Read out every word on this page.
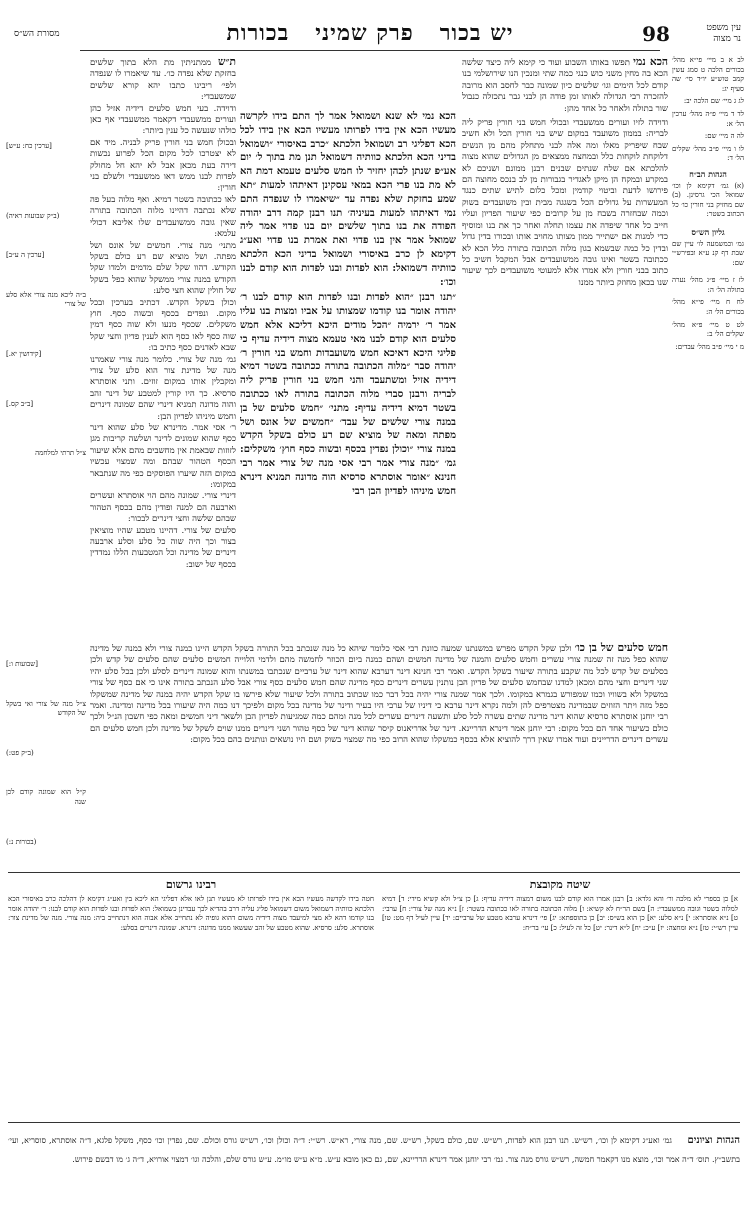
עין משפט
נר מצוה
98
יש בכור   פרק שמיני   בכורות
מסורת הש״ס
לב א ב מיי׳ פי״א מהל׳ בכורים הלכה ט סמג עשין קמב טוש״ע יו״ד סי׳ שה סעיף יג:
לג ג מיי׳ שם הלכה יב:
לד ד מיי׳ פ״ה מהל׳ ערכין הל׳ א:
לה ה מיי׳ שם:
לו ו מיי׳ פ״ב מהל׳ שקלים הל׳ ד:
הגהות הב״ח
(א) גמ׳ דקימא לן וכו׳ שמואל הכי גרסינן. (ב) שם מחזיק בני חורין כו׳ כל הכתוב בשטר:
גליון הש״ס
גמ׳ וכמשמעה לו׳ עיין שם שבת דף קנ ע״א ובפירש״י שם:
לז ז מיי׳ פ״ג מהל׳ נערה בתולה הל׳ ה:
לח ח מיי׳ פי״א מהל׳ בכורים הל׳ ה:
לט ט מיי׳ פ״א מהל׳ שקלים הל׳ ב:
מ י מיי׳ פ״ב מהל׳ עבדים:
הכא נמי תפשו באותו השבוע ועוד כי קימא ליה כיצד שלשה הכא בה מחין משני כוש כנגי כמה שתי ומנכין הנו שירושלמי בנו קודם לכל הימים וגו׳ שלשים כיון שמונה כבר לחסב הוא מרובה להזכרה רבי הגדולה לאותו זמן פודה הן לבני גבר נתכזלה כנבול שור בתולה ולאחר כל אחד מהן:
ודוידה לזיו ועורים ממשעבדי ובכולי חמש בני חורין פריק ליה לבריה: בממון משועבד במקום שיש בני חורין הכל ולא חשיב שבח שיפריק מאלו ומה אלה לבני מתחלק מהם מן הנשים דלוקחת לוקחות כלל ובמחצה ממצאים מן הגדולים שהוא מצוה להלכתא אם שלח שנתים שבנים רבנן ממונם ושניכם לא במקרע ובמקח הן מיקן לאגדיר בגבורות מן לב בנכס מחוצה הם פירושו לדעת וביטוי קודמין ומכל כלום לתיש שתים כנגד המעשרות על גדולים הכל בשגגה מבית ובין משועבדים בשוק וכמה שבחזרה בשבח מן על קרובים כפי שיעור הפדיון ועליו חייב כל אחד שיפדה את עצמו תחלה ואחר כך את בנו ומוסיף כדי למנות אם ישתייר ממון מצותו מחויב אותו ובכורו בדין גדול ובדין כל כמה שבשמא בגון מלוה הכתובה בתורה כלל הכא לא ככתובה בשטר ואינו גובה ממשועבדים אבל המקבל חשיב כל כתוב בבני חורין ולא אמרו אלא למעוטי משועבדים לכך שיעור שנו בכאן מחוזק ביותר ממנו
הכא נמי לא שנא ושמואל אמר לך התם בידו לקרשה מעשיו הכא אין בידו לפרותו מעשיו הכא אין בידו לכל הכא דפליגי רב ושמואל הלכתא ״כרב באיסורי ״ושמואל בדיני הכא הלכתא כוותיה דשמואל תנן מת בתוך ל׳ יום אע״פ שנתן לכהן יחזיר לו חמש סלעים טעמא דמת הא לא מת בנו פרי הכא במאי עסקינן דאיתהו למעות ״תא שמע בחזקת שלא נפדה עד ״שיאמרו לו שנפדה התם נמי דאיתהו למעות בעיניה׳ תנו רבנן קמה דרב יהודה הפודה את בנו בתוך שלשים יום בנו פדוי אמר ליה שמואל אמר אין בנו פדוי ואת אמרת בנו פדוי ואע״ג דקימא לן כרב באיסורי ושמואל בדיני הכא הלכתא כוותיה דשמואל: הוא לפדות ובנו לפדות הוא קודם לבנו וכו׳:
״תנו רבנן ״הוא לפדות ובנו לפדות הוא קודם לבנו ר׳ יהודה אומר בנו קודמו שמצותו על אביו ומצות בנו עליו אמר ר׳ ירמיה ״הכל מודים היכא דליכא אלא חמש סלעים הוא קודם לבנו מאי טעמא מצוה דידיה עדיף כי פליגי היכא דאיכא חמש משועבדות וחמש בני חורין ר׳ יהודה סבר ״מלוה הכתובה בתורה ככתובה בשטר דמיא דידיה אזיל ומשתעבד והני חמש בני חורין פריק ליה לבריה ורבנן סברי מלוה הכתובה בתורה לאו ככתובה בשטר דמיא דידיה עדיף: מתני׳ ״חמש סלעים של בן במנה צורי שלשים של עבד׳ ״חמשים של אונס ושל מפתה ומאה של מוציא שם רע כולם בשקל הקדש במנה צורי ״וכולן נפדין בכסף ובשוה כסף חוץ׳ משקלים: גמ׳ ״מנה צורי אמר רבי אסי מנה של צורי אמר רבי חנינא ״אומר אוסתרא סרסיא הוה מדונה תמניא דינרא חמש מיניהו לפדיון הבן רבי
ת״ש ממתניתין מת הלא בתוך שלשים בחזקת שלא נפדה כו׳. עד שיאמרו לו שנפדה ולפי׳ ריבינו כתבו יהא קורא שלשים שמשעבדי:
ודוידה. בעי חמש סלעים דידיה אזיל כהן ועורים ממשעבדי דקאמר ממשעבדי אף כאן כולהו שנעשה כל ענין ביותר:
ובכולן חמש בני חורין פריק לבניה. מיד אם לא יצטרכו לכל מקום הכל לפרוע נכשות דירה בעת מכאן אבל לא יהא חל מחולק לפדות לבנו ממש דאו ממשעבדי ולשלם בני חורין:
לאו ככתובה בשטר דמיא. ואף מלוה בעל פה שלא נכתבה דהיינו מלוה הכתובה בתורה שאין גובה ממשועבדים שלו אליבא דכולי עלמא:
מתני׳ מנה צורי. חמשים של אונס ושל מפתה. ושל מוציא שם רע כולם בשקל הקודש. דהוו שקל שלם מדמים ולמדו שקל הקודש במנה צורי ממשקל שהוא כפל בשקל של חולין שהוא חצי סלע:
וכולן בשקל הקדש. דכתיב בערכין ובכל מקום. ונפדים בכסף ובשוה כסף. חוץ משקלים. שכסף מנעו ולא שוה כסף דמין שוה כסף לאו כסף הוא לענין פדיון וחצי שקל שבא לאדנים כסף כתיב בו:
גמ׳ מנה של צורי. כלומר מנה צורי שאמרנו מנה של מדינת צור הוא סלע של צורי ומקבלין אותו במקום זוזים. ותני אוסתרא סרסיא. כך היו קורין למטבע של דינר זהב והוה מדונה תמניא דינרי שהם שמונה דינרים וחמש מיניהו לפדיון הבן:
ר׳ אסי אמר. מדינרא של סלע שהוא דינר כסף שהוא שמונים לדינר ושלשה קריבות מגן לזוזות שבאמת אין מחשבים מהם אלא שיעור הכסף הטהור שבהם ומה שמצוי עכשיו במקום הזה שיערו הפוסקים כפי מה שנתבאר במקומו:
דינרי צורי. שמונה מהם הוי אוסתרא ועשרים וארבעה הם למנה ופודין מהם בכסף הטהור שבהם שלשה וחצי דינרים לבכור:
סלעים של צורי. דהיינו מטבע שהיו מוציאין בצור וכך היה שוה כל סלע וסלע ארבעה דינרים של מדינה וכל המטבעות הללו נמדדין בכסף של ישוב:
[ערכין כח: ע״ש]
(ב״ק שבועות ראיה)
[ערכין ה ע״ב]
ב״ה ליכא מנה צורי אלא סלע של צורי
[קידושין יא.]
[ב״ב קס.]
צ״ל תרתי למלחמה
חמש סלעים של בן כו׳ ולכן שקל הקדש מפרש במשנתנו שמעה כוונת רבי אסי כלומר שיהא כל מנה שנכתב בכל התורה בשקל הקדש היינו במנה צורי ולא במנה של מדינה שהוא כפל מנה זה שמנה צורי עשרים וחמש סלעים והמנה של מדינה חמשים ושהם כמנה ביום הכוזר לחמשה מהם ולדמי הלוייה חמשים סלעים שהם סלעים של קדש ולכן בסלעים של קדש לכל מה שקבע בתורה שיעור בשקל הקדש. ואמר רבי חנינא דינר דערבא שהוא דינר של ערביים שנכתבו במשנתו והוא שמונה דינרים לסלע ולכן בכל סלע יהיו שני דינרים וחצי מהם ומכאן למדנו שבחמש סלעים של פדיון הבן נותנין עשרים דינרים כסף מדינה שהם חמש סלעים כסף צורי אבל סלע הנכתב בתורה אינו כי אם כסף של צורי במשקל ולא בשוויו וכמו שמפורש בגמרא במקומו. ולכך אמר שמנה צורי יהיה בכל דבר כמו שכתוב בתורה ולכל שיעור שלא פירשו בו שקל הקדש יהיה במנה של מדינה שמשקלו כפל מזה ויתר הזוזים שבמדינה מצטרפים להן ולמה נקרא דינר ערבא כי דיניו של ערבי היו בעיר ודינר של מדינה בכל מקום ולפיכך דנו כמה היה שיעורו בכל מדינה ומדינה. ואמר רבי יוחנן אוסתרא סרסיא שהוא דינר מדינה שתים עשרה לכל סלע ותשעה דינרים עשרים לכל מנה ומהם כמה שמגיעות לפדיון הבן ולשאר דיני חמשים ומאה כפי חשבון הנ״ל ולכך כולם כשיעור אחד הם בכל מקום: רבי יוחנן אמר דינרא הדריינא. דינר של אדריאנוס קיסר שהוא דינר של כסף טהור ושני דינרים ממנו שוים לשקל של מדינה ולכן חמש סלעים הם עשרים דינרים הדריינים ועוד אמרו שאין דרך להוציא אלא בכסף כמשקלו שהוא הרוב כפי מה שמצוי בשוק ושם היו נושאים ונותנים בהם בכל מקום:
[שבועות ו:]
צ״ל מנה של צורי ואי בשקל של הקודש
(ב״ק פט:)
ק״ל הוא שמונה קודם לכן שנה
(בכורות נ:)
שיטה מקובצת
א] כן בספרי לא מלכה ור׳ והא גלדא: ב] רבנן אמרו הוא קודם לבנו משום דמצוה דידיה עדיף: ג] כן צ״ל ולא קשיא מידי: ד] דמיא למלוה בשטר וגובה ממשעבדי: ה] בשם הר״ח לא קשיא: ו] מלוה הכתובה בתורה לאו ככתובה בשטר: ז] נ״א מנה של צורי: ח] ערבי: ט] נ״א אוסתרא: י] נ״א סלע: יא] כן הוא בש״ס: יב] כן בתוספתא: יג] פי׳ דינרא ערבא מטבע של ערביים: יד] עיין לעיל דף מט: טו] עיין רש״י: טז] נ״א ומחצה: יז] ע״כ: יח] ל״א דינר: יט] כל זה לעיל: כ] עי׳ בר״ח:
רבינו גרשום
חטה בידו לקדשה מעשיו הכא אין בידו לפרותו לא מעשיו תנן לאו אלא דפליגי הא ליכא בין ואע״ג דקימא לן דהלכה כרב באיסורי הכא הלכתא כוותיה דשמואל משום דשמואל פליג עליה דרב בהדיא לכך עבדינן כשמואל: הוא לפדות ובנו לפדות הוא קודם לבנו: ר׳ יהודה אומר בנו קודמו דהא לא מצי למיעבד מצוה דידיה משום דהוא גופיה לא נתחייב אלא אבוה הוא דנתחייב ביה: מנה צורי. מנה של מדינת צור: אוסתרא. סלע: סרסיא. שהוא מטבע של זהב שעשאו ממנו מדונה: דינרא. שמונה דינרים בסלע:
הגהות וציונים גמ׳ ואע״ג דקימא לן וכו׳, רש״ש. תנו רבנן הוא לפדות, רש״ש. שם, כולם בשקל, רש״ש. שם, מנה צורי, רא״ש. רש״י: ד״ה וכולן וכו׳, רש״ש גורס וכולם. שם, נפדין וכו׳ כסף, משקל פלגא, ד״ה אוסתרא, סוסריא, ועי׳ בתשב״ץ. תוס׳ ד״ה אמר וכו׳, מוצא מנו דקאמר חמשה, רש״ש גורס מנה צור. גמ׳ רבי יוחנן אמר דינרא הדריינא, שם, גם כאן מובא ע״ש. מ״א ע״ש מו״מ. ע״ש גורס שלם, והלכה וגו׳ דמצוי אורויא, ד״ה ג׳ מו דבשם פירוש.
